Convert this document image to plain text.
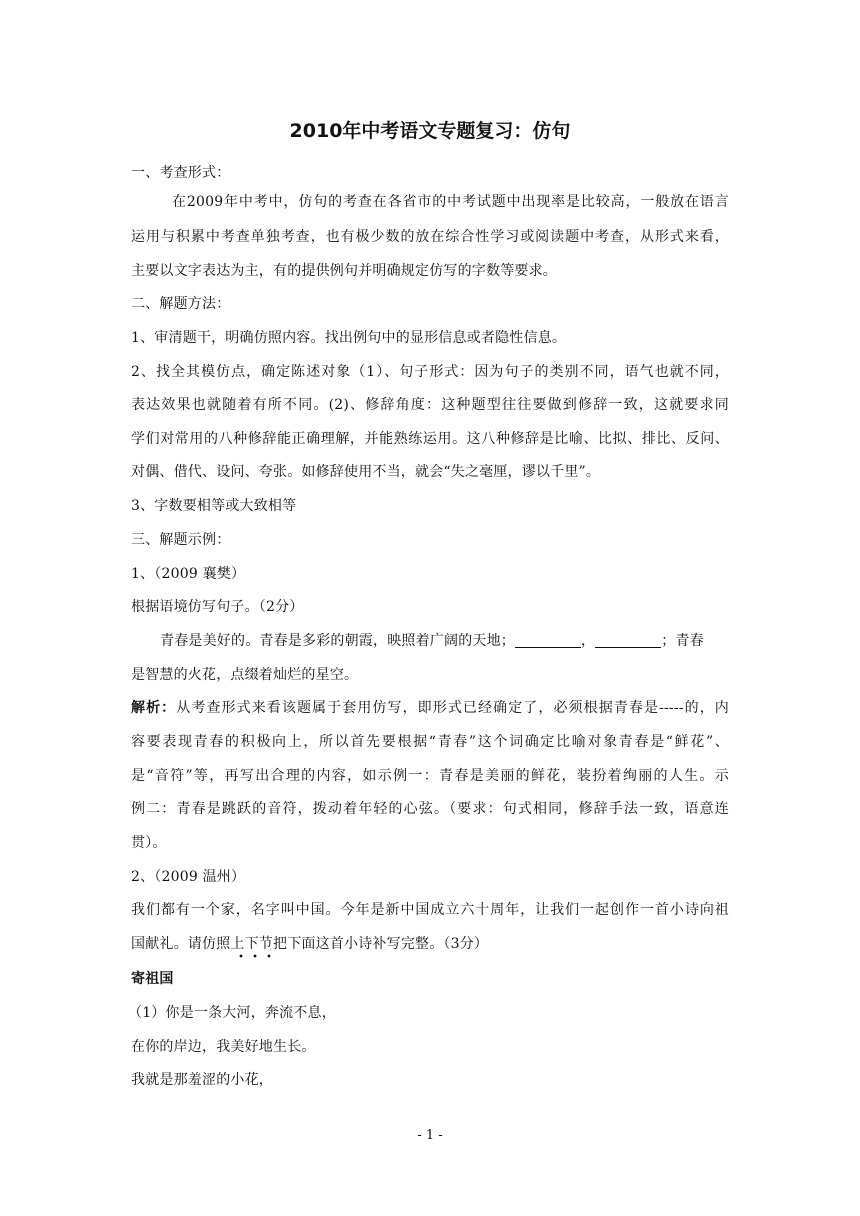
2010年中考语文专题复习：仿句
一、考查形式：
在2009年中考中，仿句的考查在各省市的中考试题中出现率是比较高，一般放在语言
运用与积累中考查单独考查，也有极少数的放在综合性学习或阅读题中考查，从形式来看，
主要以文字表达为主，有的提供例句并明确规定仿写的字数等要求。
二、解题方法：
1、审清题干，明确仿照内容。找出例句中的显形信息或者隐性信息。
2、找全其模仿点，确定陈述对象（1）、句子形式：因为句子的类别不同，语气也就不同，
表达效果也就随着有所不同。(2)、修辞角度：这种题型往往要做到修辞一致，这就要求同
学们对常用的八种修辞能正确理解，并能熟练运用。这八种修辞是比喻、比拟、排比、反问、
对偶、借代、设问、夸张。如修辞使用不当，就会“失之毫厘，谬以千里”。
3、字数要相等或大致相等
三、解题示例：
1、（2009 襄樊）
根据语境仿写句子。（2分）
青春是美好的。青春是多彩的朝霞，映照着广阔的天地；	，	；青春
是智慧的火花，点缀着灿烂的星空。
解析：从考查形式来看该题属于套用仿写，即形式已经确定了，必须根据青春是-----的，内
容要表现青春的积极向上，所以首先要根据“青春”这个词确定比喻对象青春是“鲜花”、
是“音符”等，再写出合理的内容，如示例一：青春是美丽的鲜花，装扮着绚丽的人生。示
例二：青春是跳跃的音符，拨动着年轻的心弦。（要求：句式相同，修辞手法一致，语意连
贯）。
2、（2009 温州）
我们都有一个家，名字叫中国。今年是新中国成立六十周年，让我们一起创作一首小诗向祖
国献礼。请仿照上下节把下面这首小诗补写完整。（3分）
寄祖国
（1）你是一条大河，奔流不息，
在你的岸边，我美好地生长。
我就是那羞涩的小花，
- 1 -
